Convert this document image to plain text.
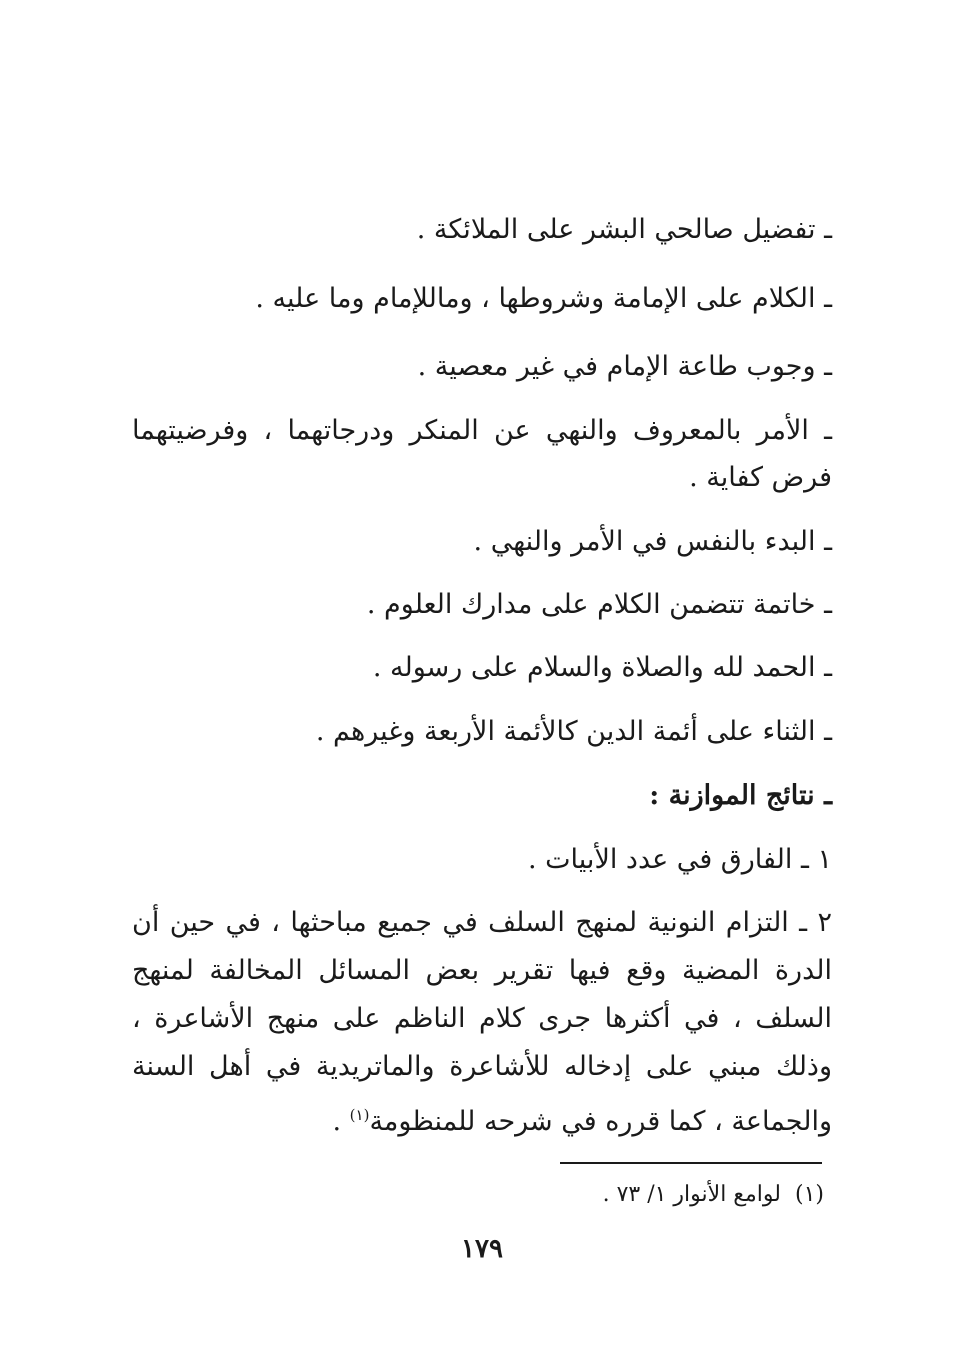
ـ تفضيل صالحي البشر على الملائكة .
ـ الكلام على الإمامة وشروطها ، وماللإمام وما عليه .
ـ وجوب طاعة الإمام في غير معصية .
ـ الأمر بالمعروف والنهي عن المنكر ودرجاتهما ، وفرضيتهما فرض كفاية .
ـ البدء بالنفس في الأمر والنهي .
ـ خاتمة تتضمن الكلام على مدارك العلوم .
ـ الحمد لله والصلاة والسلام على رسوله .
ـ الثناء على أئمة الدين كالأئمة الأربعة وغيرهم .
ـ نتائج الموازنة :
١ ـ الفارق في عدد الأبيات .
٢ ـ التزام النونية لمنهج السلف في جميع مباحثها ، في حين أن الدرة المضية وقع فيها تقرير بعض المسائل المخالفة لمنهج السلف ، في أكثرها جرى كلام الناظم على منهج الأشاعرة ، وذلك مبني على إدخاله للأشاعرة والماتريدية في أهل السنة والجماعة ، كما قرره في شرحه للمنظومة$^{(١)}$ .
(١)لوامع الأنوار ١/ ٧٣ .
١٧٩
